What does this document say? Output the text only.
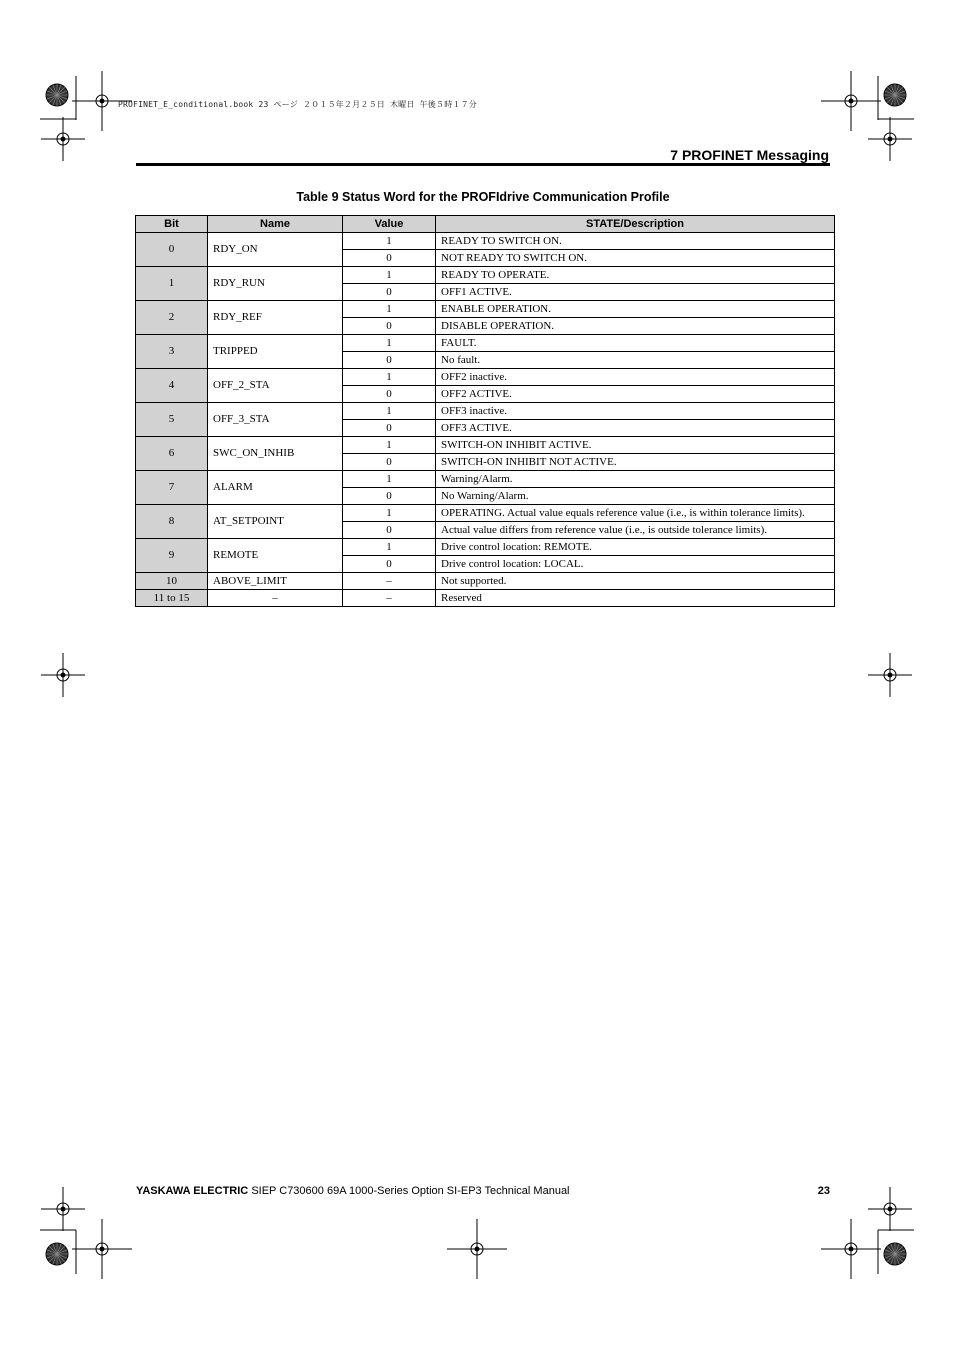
PROFINET_E_conditional.book 23 ページ ２０１５年２月２５日 木曜日 午後５時１７分
7 PROFINET Messaging
Table 9 Status Word for the PROFIdrive Communication Profile
Bit	Name	Value	STATE/Description
0	RDY_ON	1	READY TO SWITCH ON.
		0	NOT READY TO SWITCH ON.
1	RDY_RUN	1	READY TO OPERATE.
		0	OFF1 ACTIVE.
2	RDY_REF	1	ENABLE OPERATION.
		0	DISABLE OPERATION.
3	TRIPPED	1	FAULT.
		0	No fault.
4	OFF_2_STA	1	OFF2 inactive.
		0	OFF2 ACTIVE.
5	OFF_3_STA	1	OFF3 inactive.
		0	OFF3 ACTIVE.
6	SWC_ON_INHIB	1	SWITCH-ON INHIBIT ACTIVE.
		0	SWITCH-ON INHIBIT NOT ACTIVE.
7	ALARM	1	Warning/Alarm.
		0	No Warning/Alarm.
8	AT_SETPOINT	1	OPERATING. Actual value equals reference value (i.e., is within tolerance limits).
		0	Actual value differs from reference value (i.e., is outside tolerance limits).
9	REMOTE	1	Drive control location: REMOTE.
		0	Drive control location: LOCAL.
10	ABOVE_LIMIT	–	Not supported.
11 to 15	–	–	Reserved
YASKAWA ELECTRIC SIEP C730600 69A 1000-Series Option SI-EP3 Technical Manual	23
